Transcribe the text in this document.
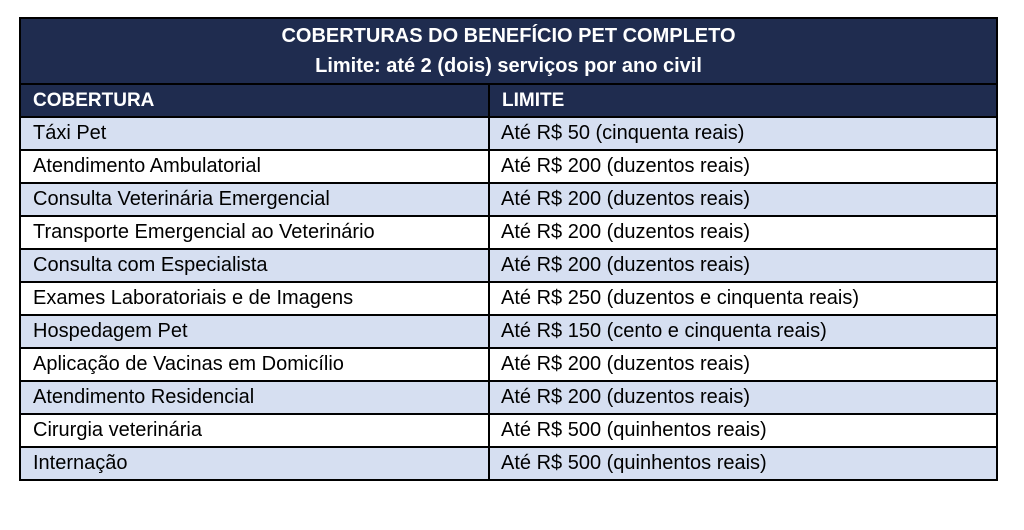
COBERTURAS DO BENEFÍCIO PET COMPLETO
Limite: até 2 (dois) serviços por ano civil	

COBERTURA	LIMITE
Táxi Pet	Até R$ 50 (cinquenta reais)
Atendimento Ambulatorial	Até R$ 200 (duzentos reais)
Consulta Veterinária Emergencial	Até R$ 200 (duzentos reais)
Transporte Emergencial ao Veterinário	Até R$ 200 (duzentos reais)
Consulta com Especialista	Até R$ 200 (duzentos reais)
Exames Laboratoriais e de Imagens	Até R$ 250 (duzentos e cinquenta reais)
Hospedagem Pet	Até R$ 150 (cento e cinquenta reais)
Aplicação de Vacinas em Domicílio	Até R$ 200 (duzentos reais)
Atendimento Residencial	Até R$ 200 (duzentos reais)
Cirurgia veterinária	Até R$ 500 (quinhentos reais)
Internação	Até R$ 500 (quinhentos reais)
